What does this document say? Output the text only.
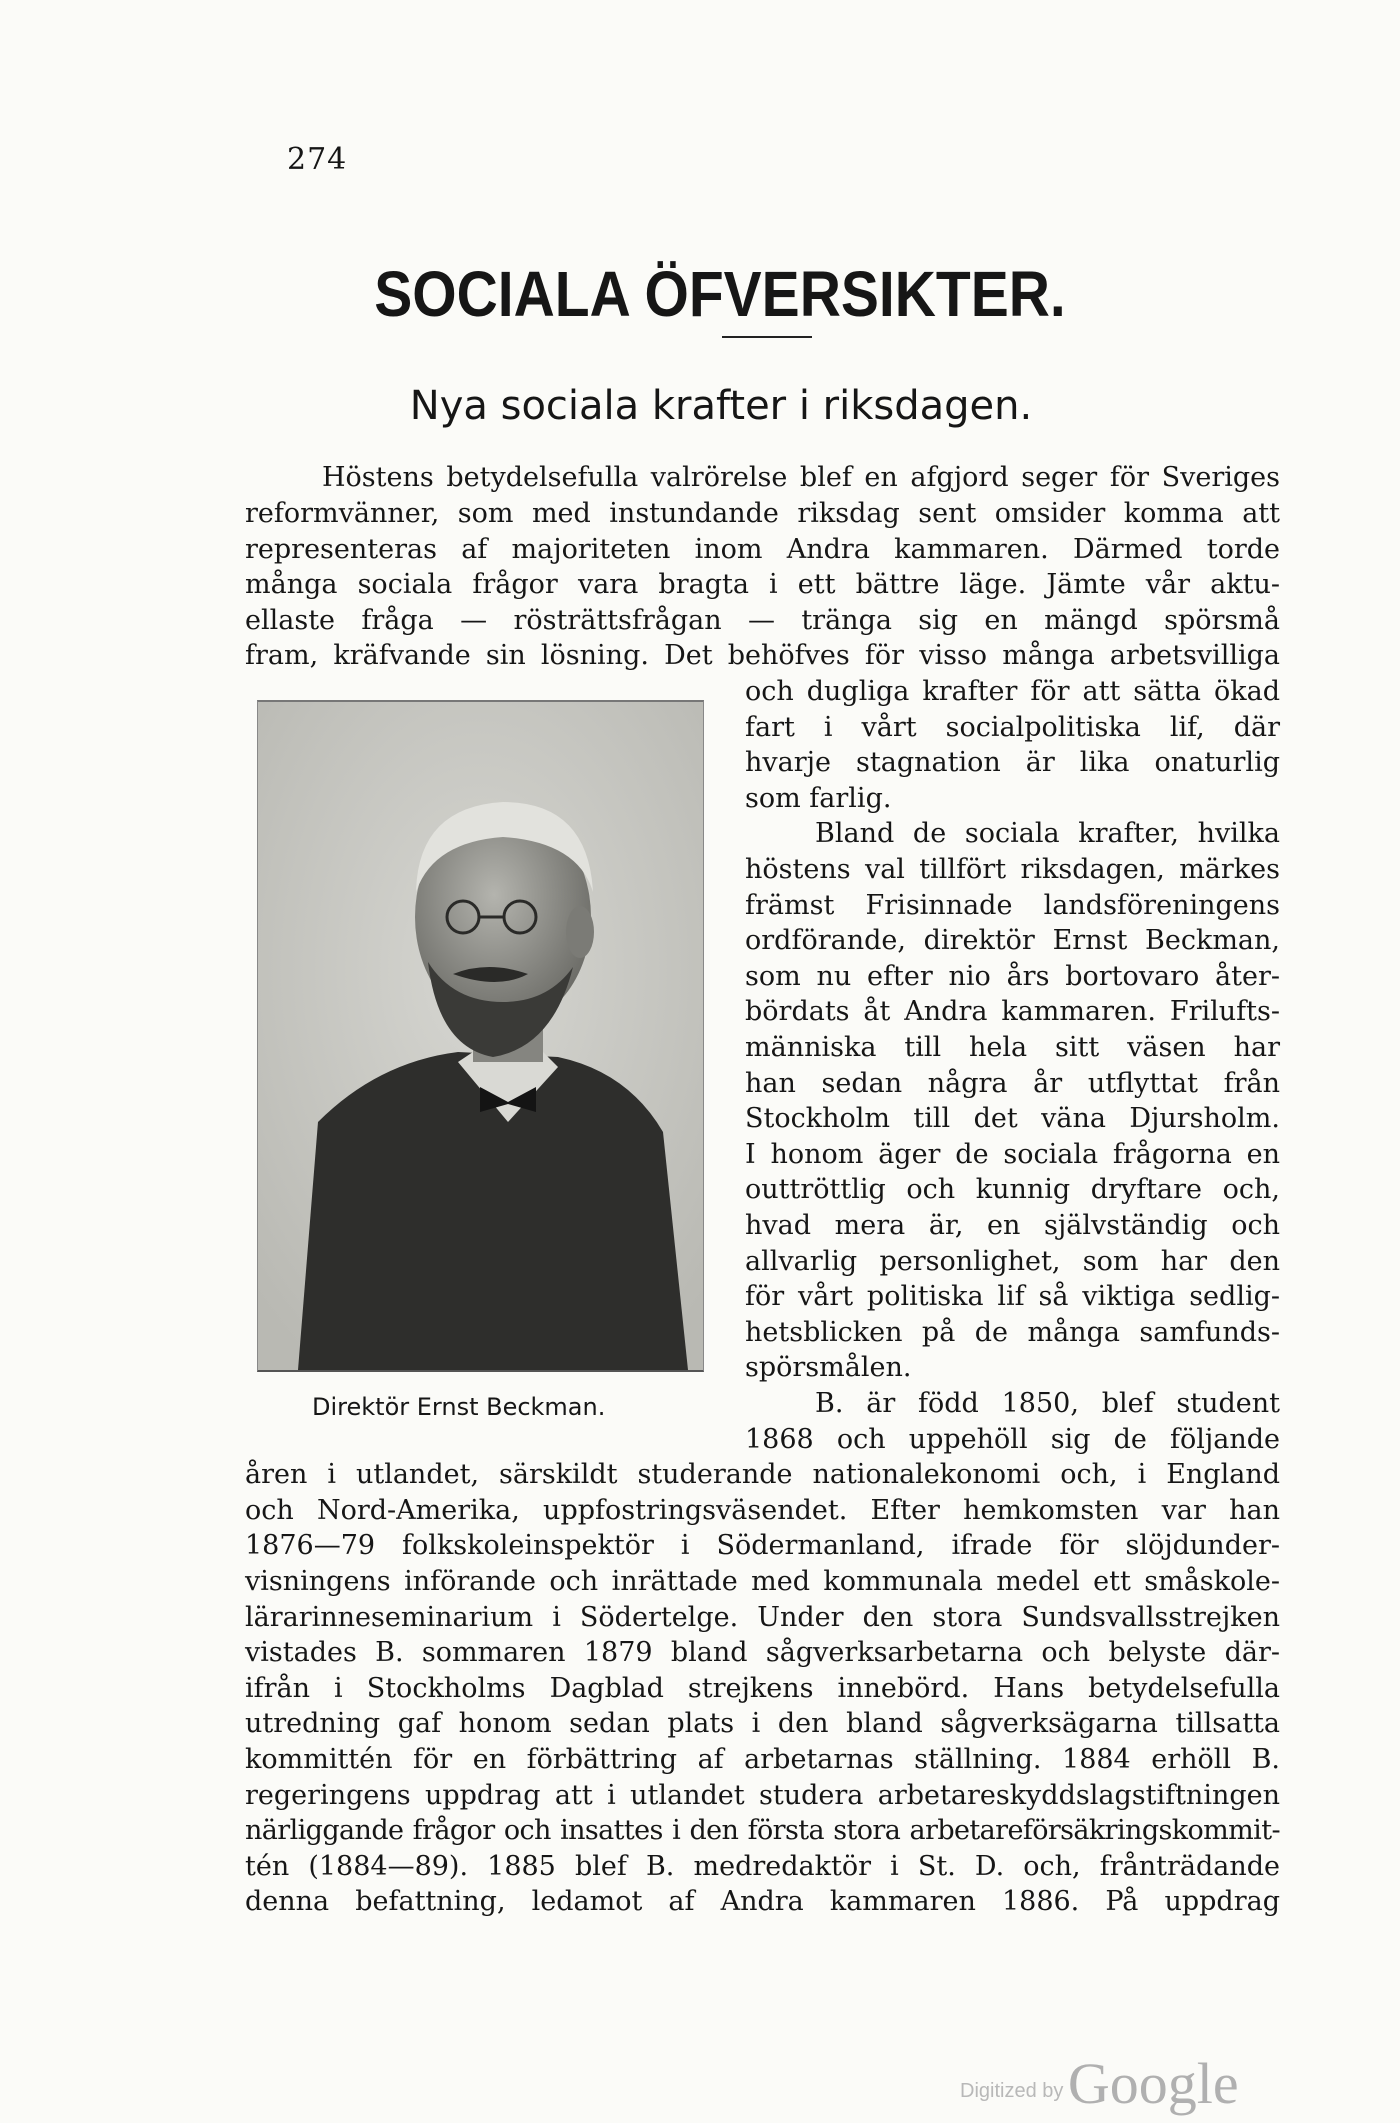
274
SOCIALA ÖFVERSIKTER.
Nya sociala krafter i riksdagen.
Höstens betydelsefulla valrörelse blef en afgjord seger för Sveriges
reformvänner, som med instundande riksdag sent omsider komma att
representeras af majoriteten inom Andra kammaren. Därmed torde
många sociala frågor vara bragta i ett bättre läge. Jämte vår aktu-
ellaste fråga — rösträttsfrågan — tränga sig en mängd spörsmå
fram, kräfvande sin lösning. Det behöfves för visso många arbetsvilliga
och dugliga krafter för att sätta ökad
fart i vårt socialpolitiska lif, där
hvarje stagnation är lika onaturlig
som farlig.
Bland de sociala krafter, hvilka
höstens val tillfört riksdagen, märkes
främst Frisinnade landsföreningens
ordförande, direktör Ernst Beckman,
som nu efter nio års bortovaro åter-
bördats åt Andra kammaren. Frilufts-
människa till hela sitt väsen har
han sedan några år utflyttat från
Stockholm till det väna Djursholm.
I honom äger de sociala frågorna en
outtröttlig och kunnig dryftare och,
hvad mera är, en självständig och
allvarlig personlighet, som har den
för vårt politiska lif så viktiga sedlig-
hetsblicken på de många samfunds-
spörsmålen.
B. är född 1850, blef student
1868 och uppehöll sig de följande
åren i utlandet, särskildt studerande nationalekonomi och, i England
och Nord-Amerika, uppfostringsväsendet. Efter hemkomsten var han
1876—79 folkskoleinspektör i Södermanland, ifrade för slöjdunder-
visningens införande och inrättade med kommunala medel ett småskole-
lärarinneseminarium i Södertelge. Under den stora Sundsvallsstrejken
vistades B. sommaren 1879 bland sågverksarbetarna och belyste där-
ifrån i Stockholms Dagblad strejkens innebörd. Hans betydelsefulla
utredning gaf honom sedan plats i den bland sågverksägarna tillsatta
kommittén för en förbättring af arbetarnas ställning. 1884 erhöll B.
regeringens uppdrag att i utlandet studera arbetareskyddslagstiftningen
närliggande frågor och insattes i den första stora arbetareförsäkringskommit-
tén (1884—89). 1885 blef B. medredaktör i St. D. och, frånträdande
denna befattning, ledamot af Andra kammaren 1886. På uppdrag
Direktör Ernst Beckman.
Digitized by Google
